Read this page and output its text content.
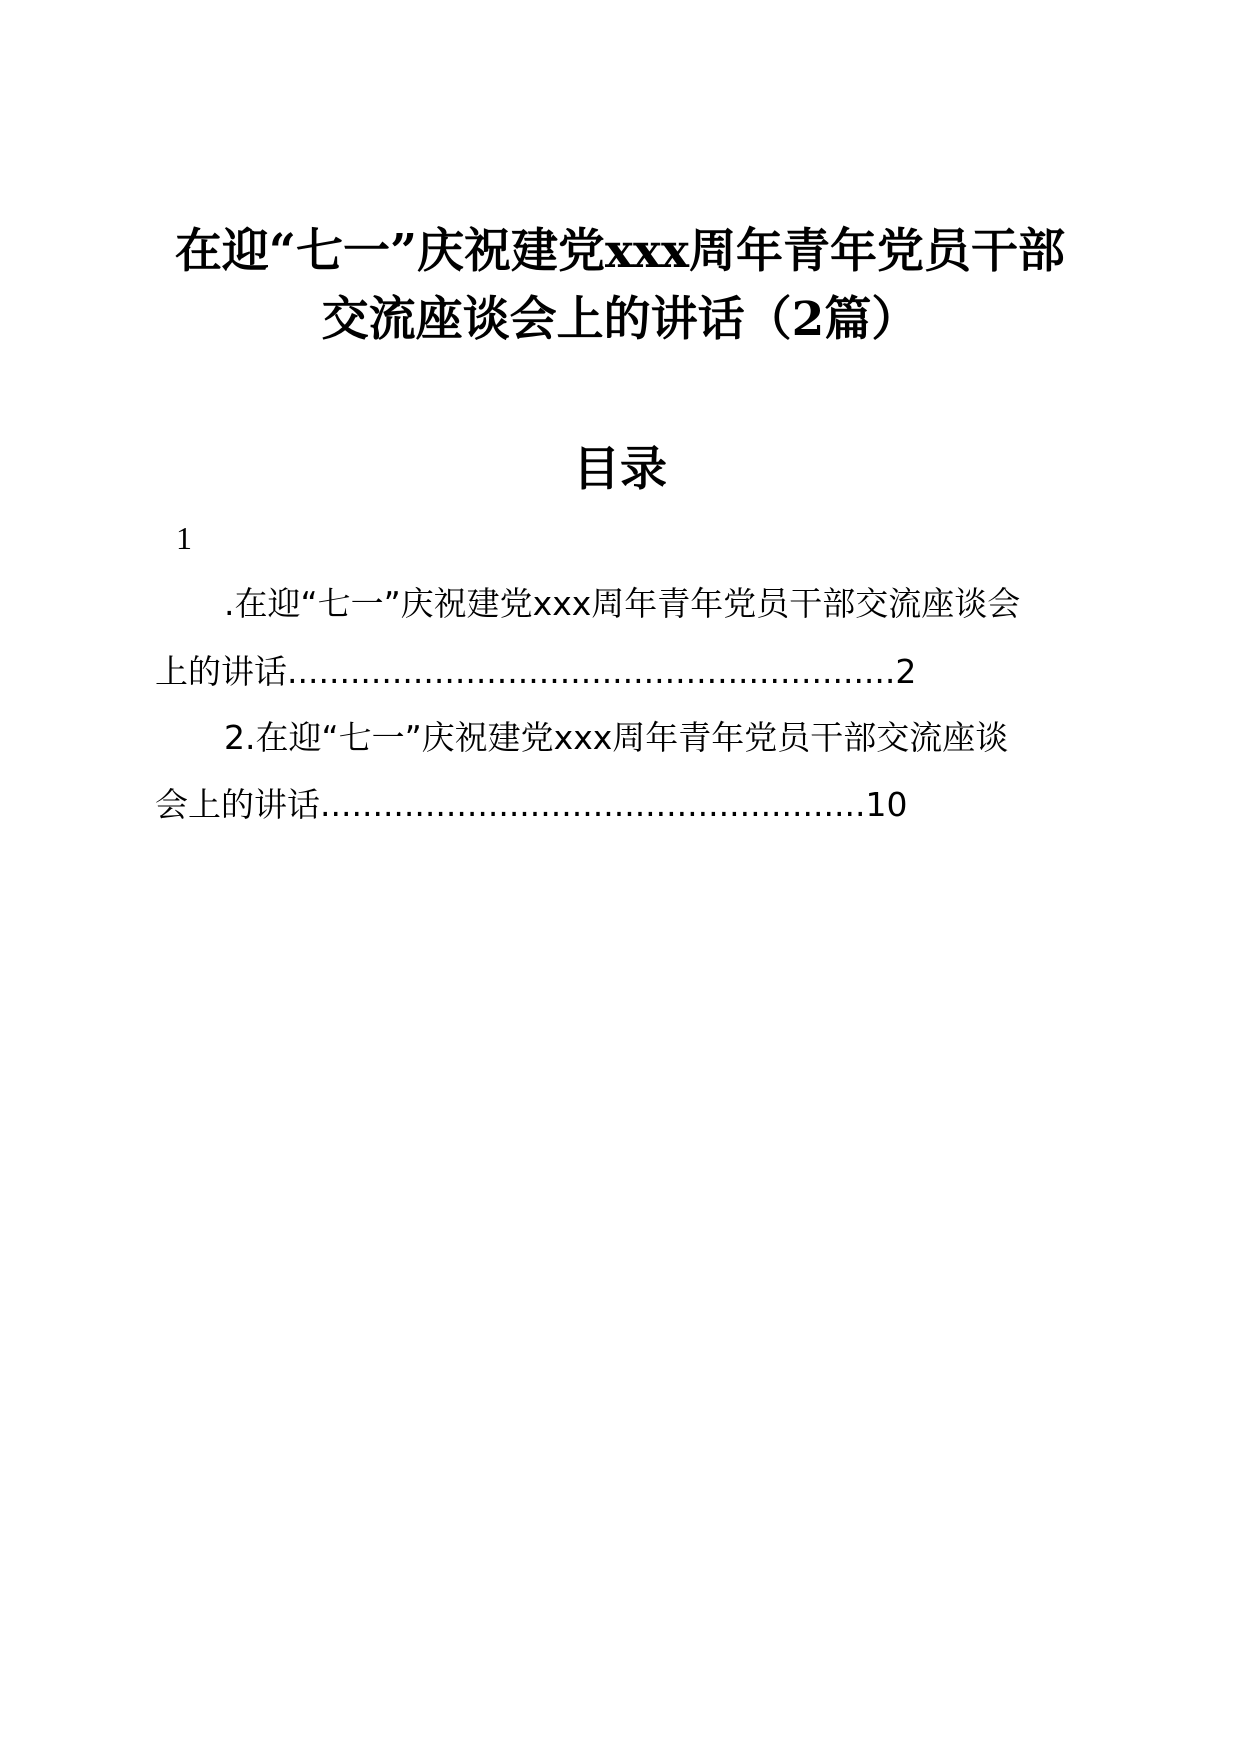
在迎“七一”庆祝建党xxx周年青年党员干部
交流座谈会上的讲话（2篇）
目录
1
.在迎“七一”庆祝建党xxx周年青年党员干部交流座谈会
上的讲话..........................................................2
2.在迎“七一”庆祝建党xxx周年青年党员干部交流座谈
会上的讲话....................................................10
